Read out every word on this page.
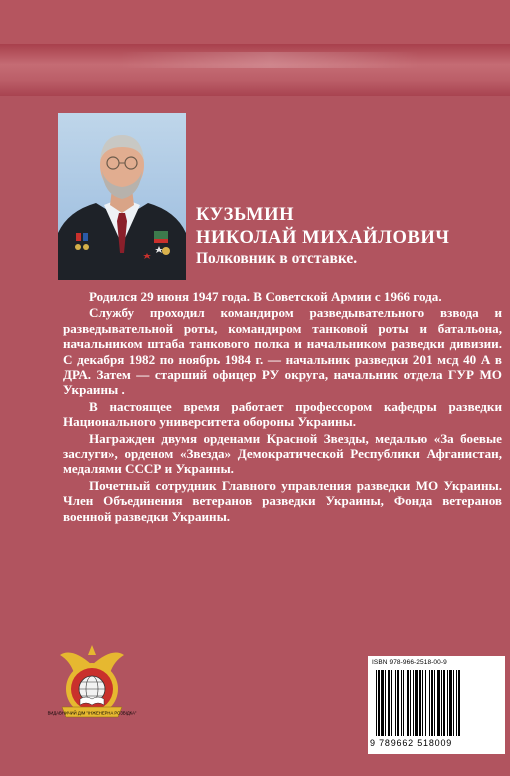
КУЗЬМИН
НИКОЛАЙ МИХАЙЛОВИЧ
Полковник в отставке.

Родился 29 июня 1947 года. В Советской Армии с 1966 года.

Службу проходил командиром разведывательного взвода и разведывательной роты, командиром танковой роты и батальона, начальником штаба танкового полка и начальником разведки дивизии. С декабря 1982 по ноябрь 1984 г. — начальник разведки 201 мсд 40 А в ДРА. Затем — старший офицер РУ округа, начальник отдела ГУР МО Украины .

В настоящее время работает профессором кафедры разведки Национального университета обороны Украины.

Награжден двумя орденами Красной Звезды, медалью «За боевые заслуги», орденом «Звезда» Демократической Республики Афганистан, медалями СССР и Украины.

Почетный сотрудник Главного управления разведки МО Украины. Член Объединения ветеранов разведки Украины, Фонда ветеранов военной разведки Украины.

ВИДАВНИЧИЙ ДІМ "ІНЖЕНЕРНА РОЗВІДКА"
ISBN 978-966-2518-00-9
9 789662 518009
